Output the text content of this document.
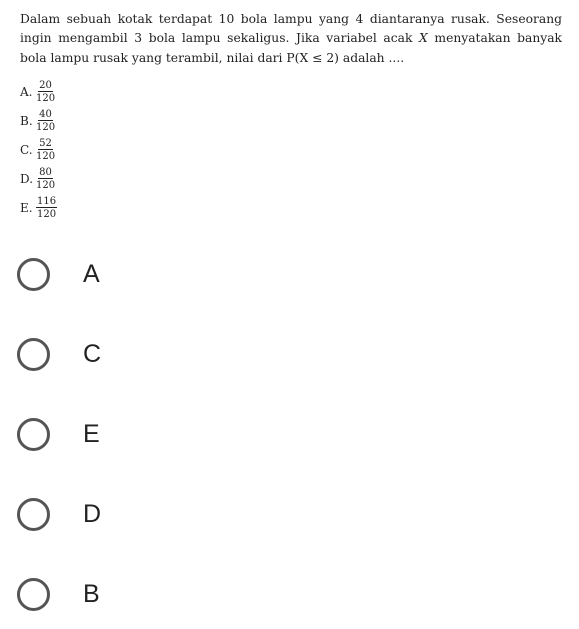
Dalam sebuah kotak terdapat 10 bola lampu yang 4 diantaranya rusak. Seseorang ingin mengambil 3 bola lampu sekaligus. Jika variabel acak X menyatakan banyak bola lampu rusak yang terambil, nilai dari P(X ≤ 2) adalah ....
A. $\frac{20}{120}$
B. $\frac{40}{120}$
C. $\frac{52}{120}$
D. $\frac{80}{120}$
E. $\frac{116}{120}$
A
C
E
D
B
